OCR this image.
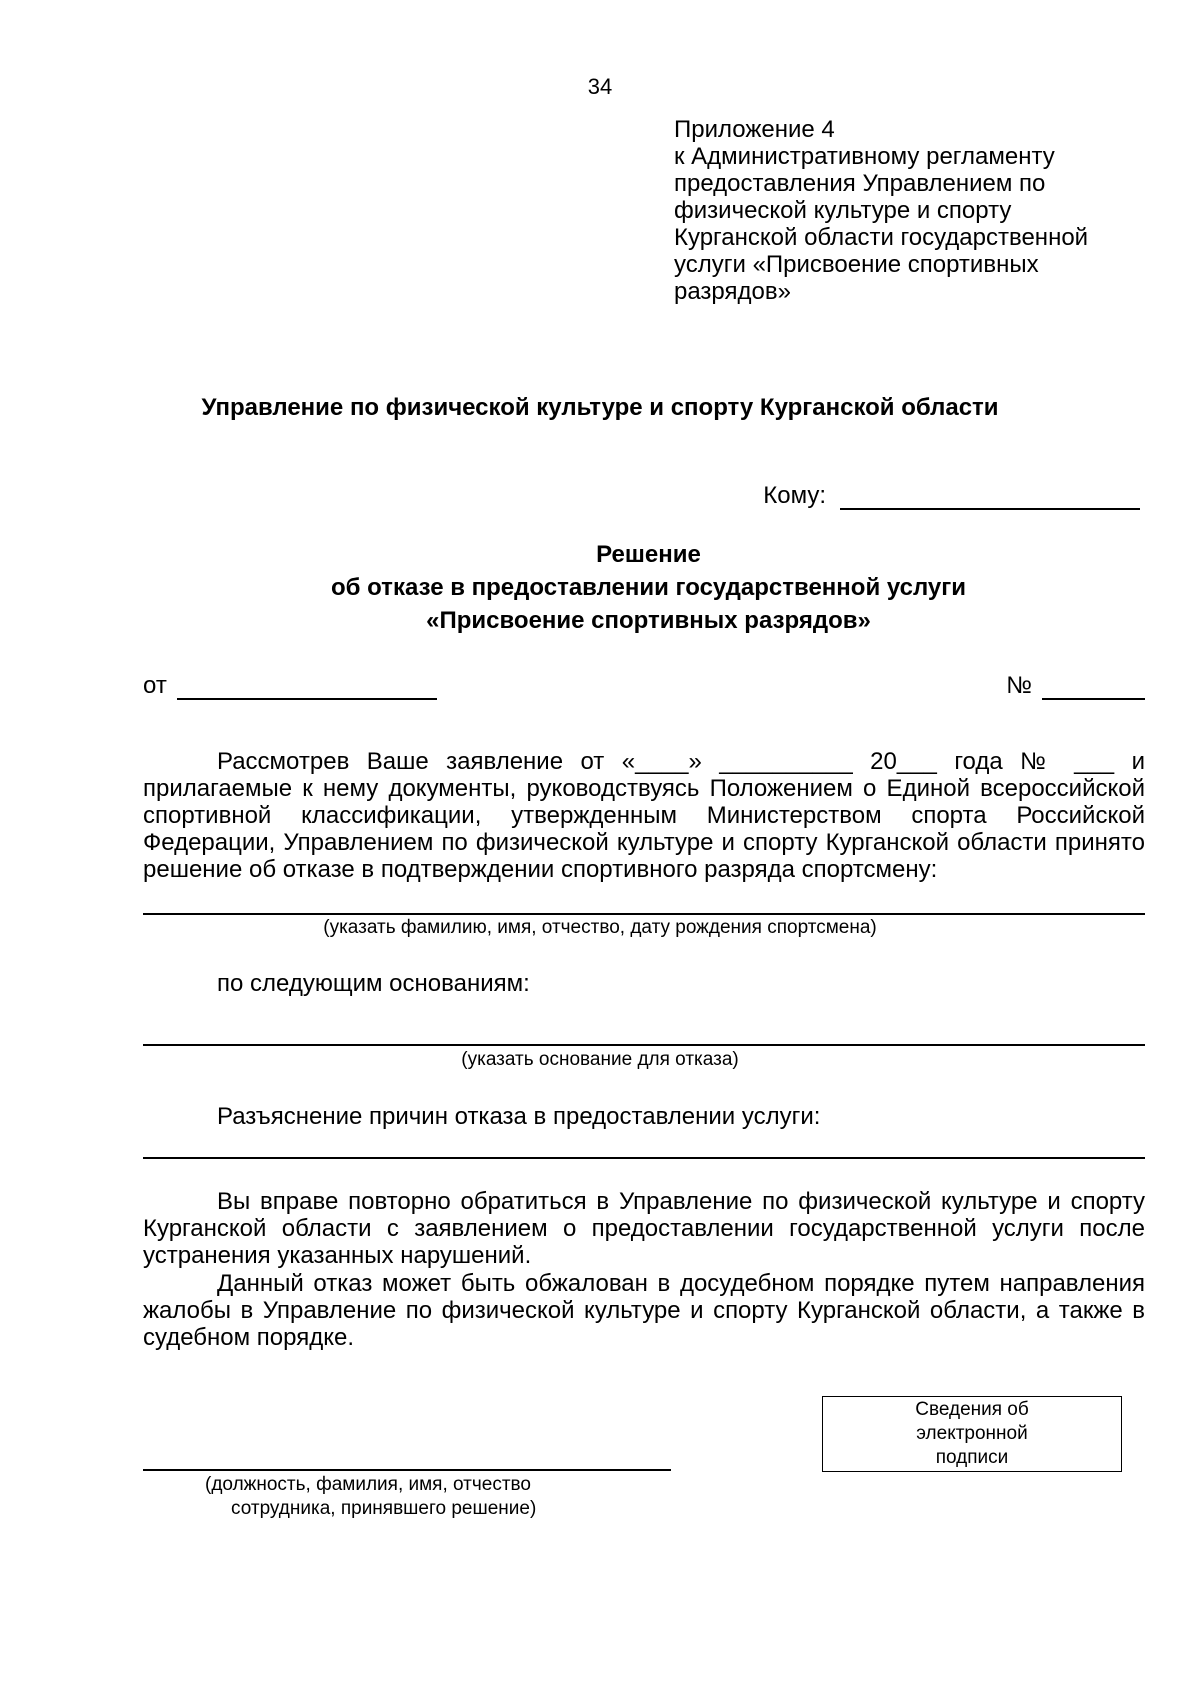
34
Приложение 4
к Административному регламенту
предоставления Управлением по
физической культуре и спорту
Курганской области государственной
услуги «Присвоение спортивных
разрядов»
Управление по физической культуре и спорту Курганской области
Кому:
Решение
об отказе в предоставлении государственной услуги
«Присвоение спортивных разрядов»
от	№
Рассмотрев Ваше заявление от «____» __________ 20___ года № ___ и прилагаемые к нему документы, руководствуясь Положением о Единой всероссийской спортивной классификации, утвержденным Министерством спорта Российской Федерации, Управлением по физической культуре и спорту Курганской области принято решение об отказе в подтверждении спортивного разряда спортсмену:
(указать фамилию, имя, отчество, дату рождения спортсмена)
по следующим основаниям:
(указать основание для отказа)
Разъяснение причин отказа в предоставлении услуги:
Вы вправе повторно обратиться в Управление по физической культуре и спорту Курганской области с заявлением о предоставлении государственной услуги после устранения указанных нарушений.
Данный отказ может быть обжалован в досудебном порядке путем направления жалобы в Управление по физической культуре и спорту Курганской области, а также в судебном порядке.
Сведения об
электронной
подписи
(должность, фамилия, имя, отчество
сотрудника, принявшего решение)
